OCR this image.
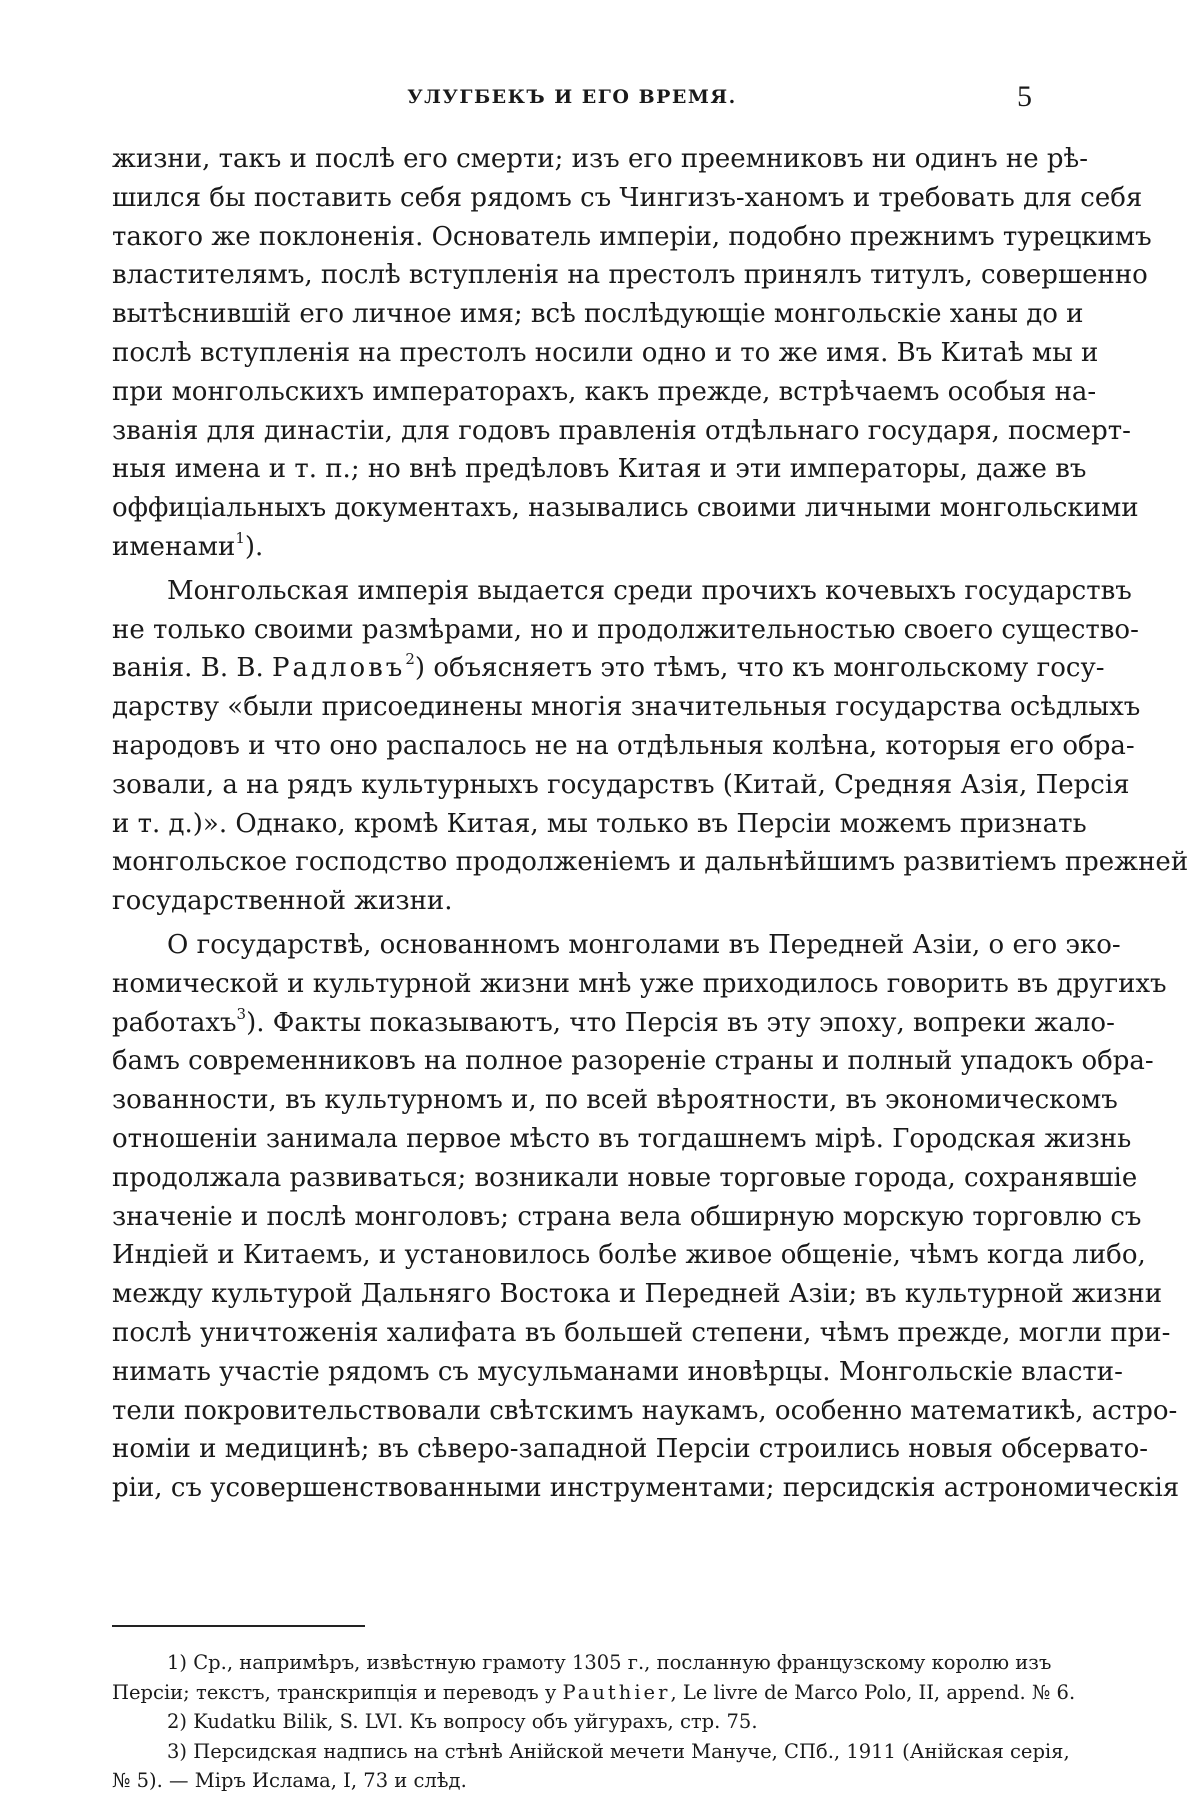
УЛУГБЕКЪ И ЕГО ВРЕМЯ.	5
жизни, такъ и послѣ его смерти; изъ его преемниковъ ни одинъ не рѣ-
шился бы поставить себя рядомъ съ Чингизъ-ханомъ и требовать для себя
такого же поклоненія. Основатель имперіи, подобно прежнимъ турецкимъ
властителямъ, послѣ вступленія на престолъ принялъ титулъ, совершенно
вытѣснившій его личное имя; всѣ послѣдующіе монгольскіе ханы до и
послѣ вступленія на престолъ носили одно и то же имя. Въ Китаѣ мы и
при монгольскихъ императорахъ, какъ прежде, встрѣчаемъ особыя на-
званія для династіи, для годовъ правленія отдѣльнаго государя, посмерт-
ныя имена и т. п.; но внѣ предѣловъ Китая и эти императоры, даже въ
оффиціальныхъ документахъ, назывались своими личными монгольскими
именами$^1$).
Монгольская имперія выдается среди прочихъ кочевыхъ государствъ
не только своими размѣрами, но и продолжительностью своего существо-
ванія. В. В. Радловъ$^2$) объясняетъ это тѣмъ, что къ монгольскому госу-
дарству «были присоединены многія значительныя государства осѣдлыхъ
народовъ и что оно распалось не на отдѣльныя колѣна, которыя его обра-
зовали, а на рядъ культурныхъ государствъ (Китай, Средняя Азія, Персія
и т. д.)». Однако, кромѣ Китая, мы только въ Персіи можемъ признать
монгольское господство продолженіемъ и дальнѣйшимъ развитіемъ прежней
государственной жизни.
О государствѣ, основанномъ монголами въ Передней Азіи, о его эко-
номической и культурной жизни мнѣ уже приходилось говорить въ другихъ
работахъ$^3$). Факты показываютъ, что Персія въ эту эпоху, вопреки жало-
бамъ современниковъ на полное разореніе страны и полный упадокъ обра-
зованности, въ культурномъ и, по всей вѣроятности, въ экономическомъ
отношеніи занимала первое мѣсто въ тогдашнемъ мірѣ. Городская жизнь
продолжала развиваться; возникали новые торговые города, сохранявшіе
значеніе и послѣ монголовъ; страна вела обширную морскую торговлю съ
Индіей и Китаемъ, и установилось болѣе живое общеніе, чѣмъ когда либо,
между культурой Дальняго Востока и Передней Азіи; въ культурной жизни
послѣ уничтоженія халифата въ большей степени, чѣмъ прежде, могли при-
нимать участіе рядомъ съ мусульманами иновѣрцы. Монгольскіе власти-
тели покровительствовали свѣтскимъ наукамъ, особенно математикѣ, астро-
номіи и медицинѣ; въ сѣверо-западной Персіи строились новыя обсервато-
ріи, съ усовершенствованными инструментами; персидскія астрономическія
1) Ср., напримѣръ, извѣстную грамоту 1305 г., посланную французскому королю изъ
Персіи; текстъ, транскрипція и переводъ у Pauthier, Le livre de Marco Polo, II, append. № 6.
2) Kudatku Bilik, S. LVI. Къ вопросу объ уйгурахъ, стр. 75.
3) Персидская надпись на стѣнѣ Анійской мечети Мануче, СПб., 1911 (Анійская серія,
№ 5). — Міръ Ислама, I, 73 и слѣд.
